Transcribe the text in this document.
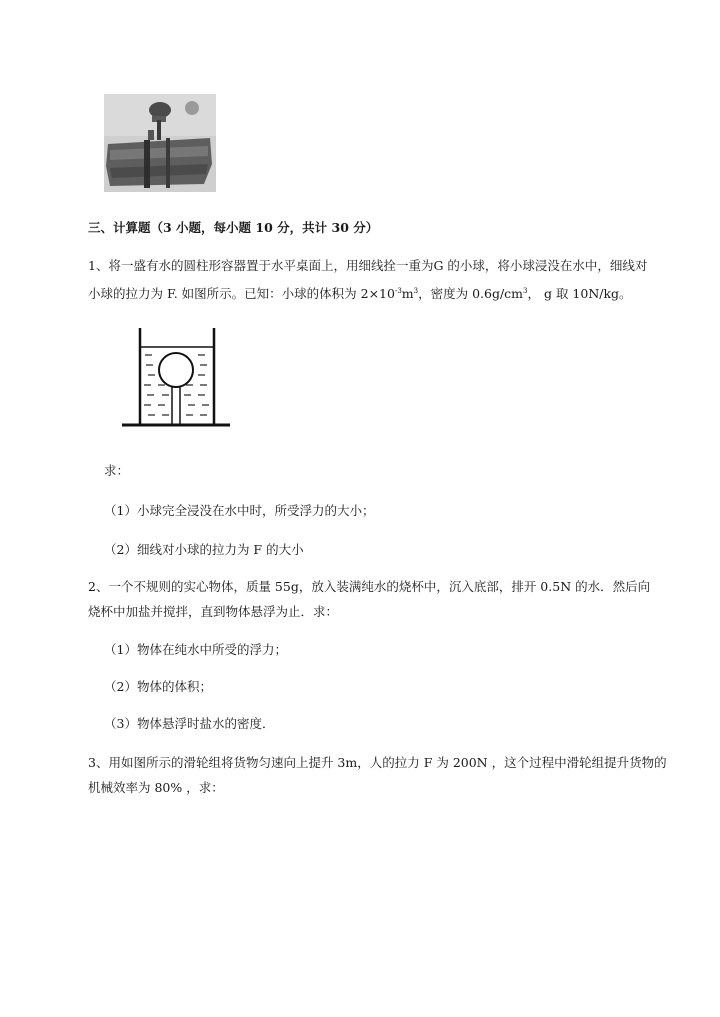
三、计算题（3 小题，每小题 10 分，共计 30 分）
1、将一盛有水的圆柱形容器置于水平桌面上，用细线拴一重为G 的小球，将小球浸没在水中，细线对
小球的拉力为 F. 如图所示。已知：小球的体积为 $2\times 10^{-3}m^3$，密度为 $0.6g/cm^3$， g 取 10N/kg。
求：
（1）小球完全浸没在水中时，所受浮力的大小；
（2）细线对小球的拉力为 F 的大小
2、一个不规则的实心物体，质量 55g，放入装满纯水的烧杯中，沉入底部，排开 0.5N 的水．然后向
烧杯中加盐并搅拌，直到物体悬浮为止．求：
（1）物体在纯水中所受的浮力；
（2）物体的体积；
（3）物体悬浮时盐水的密度．
3、用如图所示的滑轮组将货物匀速向上提升 3m，人的拉力 F 为 200N ，这个过程中滑轮组提升货物的
机械效率为 80% ，求：
